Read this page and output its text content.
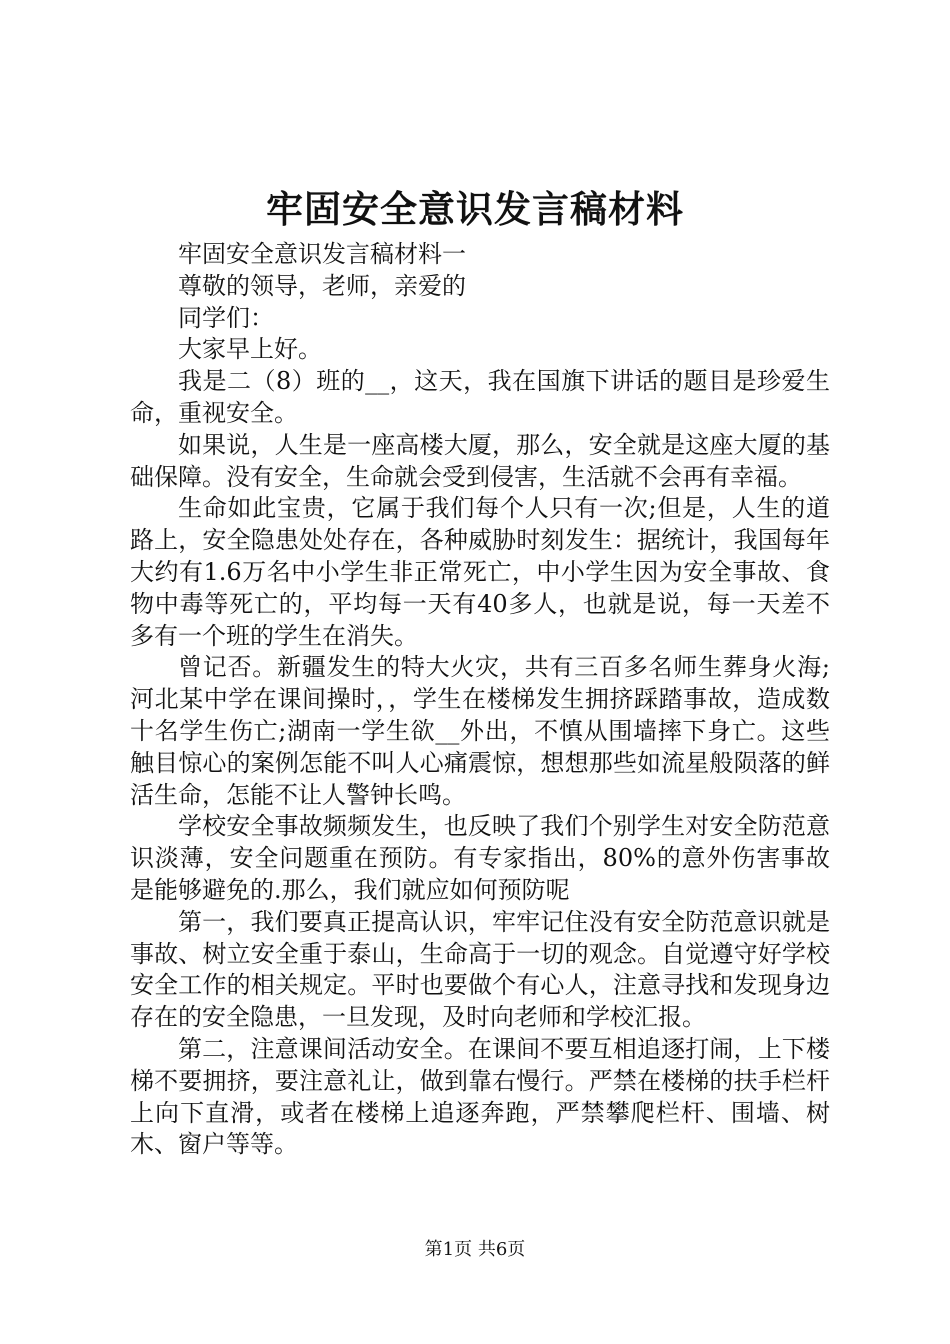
牢固安全意识发言稿材料

牢固安全意识发言稿材料一

尊敬的领导，老师，亲爱的

同学们：

大家早上好。

我是二（8）班的__，这天，我在国旗下讲话的题目是珍爱生命，重视安全。

如果说，人生是一座高楼大厦，那么，安全就是这座大厦的基础保障。没有安全，生命就会受到侵害，生活就不会再有幸福。

生命如此宝贵，它属于我们每个人只有一次;但是，人生的道路上，安全隐患处处存在，各种威胁时刻发生：据统计，我国每年大约有1.6万名中小学生非正常死亡，中小学生因为安全事故、食物中毒等死亡的，平均每一天有40多人，也就是说，每一天差不多有一个班的学生在消失。

曾记否。新疆发生的特大火灾，共有三百多名师生葬身火海;河北某中学在课间操时，，学生在楼梯发生拥挤踩踏事故，造成数十名学生伤亡;湖南一学生欲__外出，不慎从围墙摔下身亡。这些触目惊心的案例怎能不叫人心痛震惊，想想那些如流星般陨落的鲜活生命，怎能不让人警钟长鸣。

学校安全事故频频发生，也反映了我们个别学生对安全防范意识淡薄，安全问题重在预防。有专家指出，80%的意外伤害事故是能够避免的.那么，我们就应如何预防呢

第一，我们要真正提高认识，牢牢记住没有安全防范意识就是事故、树立安全重于泰山，生命高于一切的观念。自觉遵守好学校安全工作的相关规定。平时也要做个有心人，注意寻找和发现身边存在的安全隐患，一旦发现，及时向老师和学校汇报。

第二，注意课间活动安全。在课间不要互相追逐打闹，上下楼梯不要拥挤，要注意礼让，做到靠右慢行。严禁在楼梯的扶手栏杆上向下直滑，或者在楼梯上追逐奔跑，严禁攀爬栏杆、围墙、树木、窗户等等。

第1页 共6页
